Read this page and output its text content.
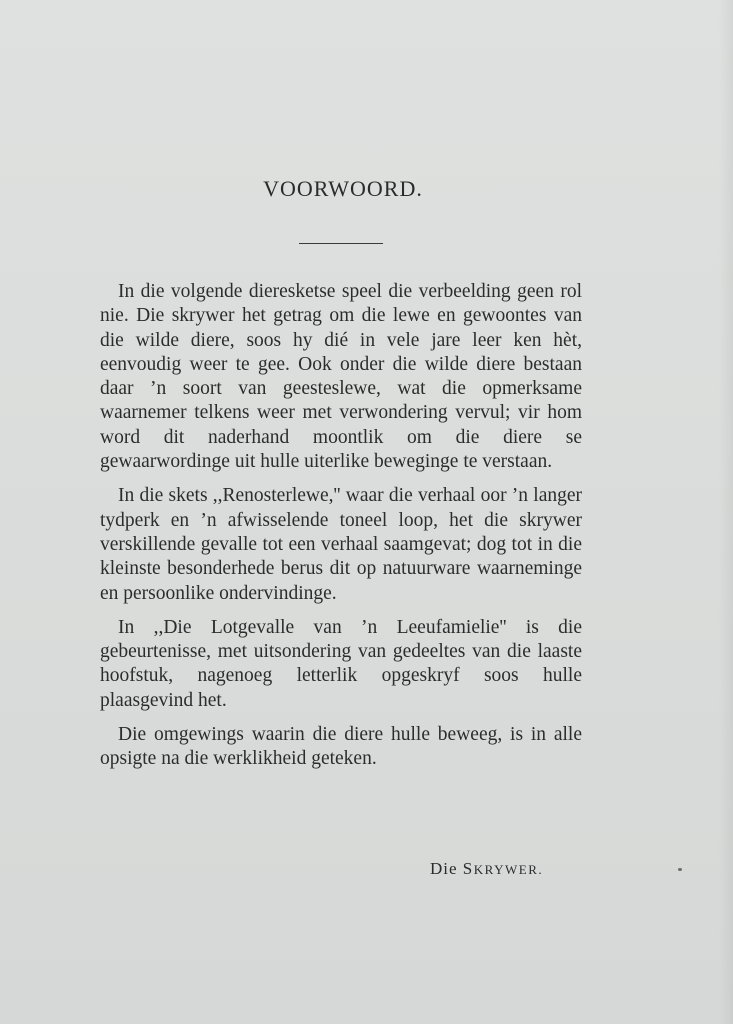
VOORWOORD.

In die volgende dieresketse speel die verbeelding geen rol nie. Die skrywer het getrag om die lewe en gewoontes van die wilde diere, soos hy dié in vele jare leer ken hèt, eenvoudig weer te gee. Ook onder die wilde diere bestaan daar ’n soort van geesteslewe, wat die opmerksame waarnemer telkens weer met verwondering vervul; vir hom word dit naderhand moontlik om die diere se gewaarwordinge uit hulle uiterlike beweginge te verstaan.

In die skets ,,Renosterlewe,'' waar die verhaal oor ’n langer tydperk en ’n afwisselende toneel loop, het die skrywer verskillende gevalle tot een verhaal saamgevat; dog tot in die kleinste besonderhede berus dit op natuurware waarneminge en persoonlike ondervindinge.

In ,,Die Lotgevalle van ’n Leeufamielie'' is die gebeurtenisse, met uitsondering van gedeeltes van die laaste hoofstuk, nagenoeg letterlik opgeskryf soos hulle plaasgevind het.

Die omgewings waarin die diere hulle beweeg, is in alle opsigte na die werklikheid geteken.

Die SKRYWER.
